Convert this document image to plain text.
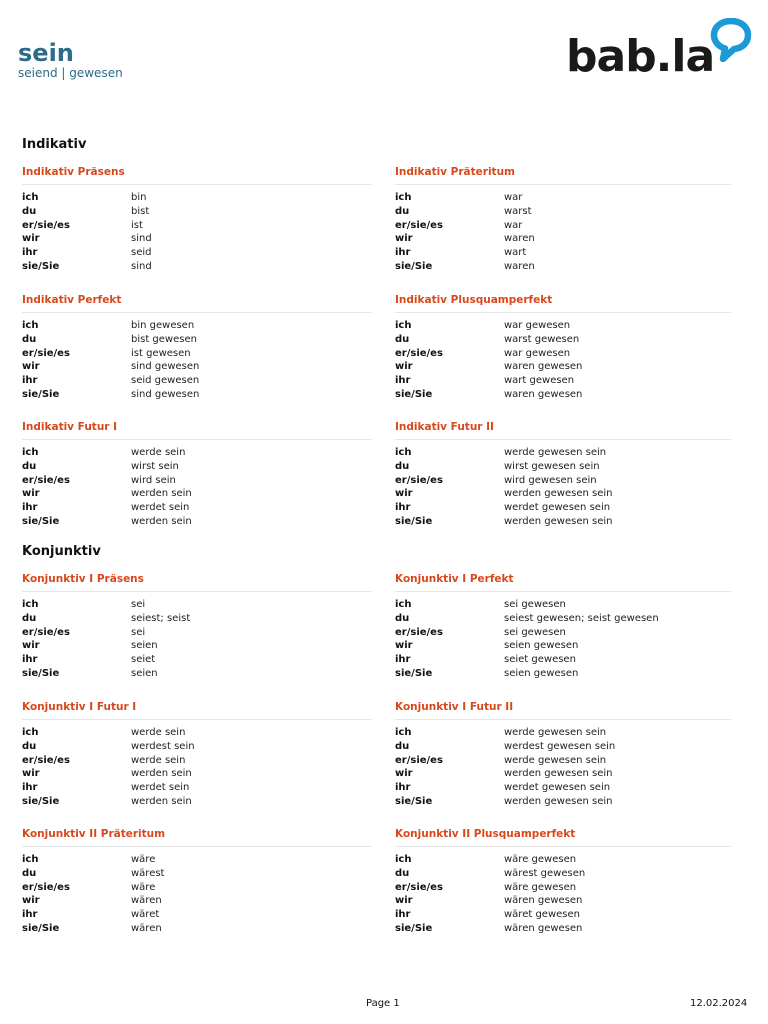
sein
seiend | gewesen	bab.la
Indikativ
Konjunktiv
Indikativ Präsens
ich	bin
du	bist
er/sie/es	ist
wir	sind
ihr	seid
sie/Sie	sind
Indikativ Präteritum
ich	war
du	warst
er/sie/es	war
wir	waren
ihr	wart
sie/Sie	waren
Indikativ Perfekt
ich	bin gewesen
du	bist gewesen
er/sie/es	ist gewesen
wir	sind gewesen
ihr	seid gewesen
sie/Sie	sind gewesen
Indikativ Plusquamperfekt
ich	war gewesen
du	warst gewesen
er/sie/es	war gewesen
wir	waren gewesen
ihr	wart gewesen
sie/Sie	waren gewesen
Indikativ Futur I
ich	werde sein
du	wirst sein
er/sie/es	wird sein
wir	werden sein
ihr	werdet sein
sie/Sie	werden sein
Indikativ Futur II
ich	werde gewesen sein
du	wirst gewesen sein
er/sie/es	wird gewesen sein
wir	werden gewesen sein
ihr	werdet gewesen sein
sie/Sie	werden gewesen sein
Konjunktiv I Präsens
ich	sei
du	seiest; seist
er/sie/es	sei
wir	seien
ihr	seiet
sie/Sie	seien
Konjunktiv I Perfekt
ich	sei gewesen
du	seiest gewesen; seist gewesen
er/sie/es	sei gewesen
wir	seien gewesen
ihr	seiet gewesen
sie/Sie	seien gewesen
Konjunktiv I Futur I
ich	werde sein
du	werdest sein
er/sie/es	werde sein
wir	werden sein
ihr	werdet sein
sie/Sie	werden sein
Konjunktiv I Futur II
ich	werde gewesen sein
du	werdest gewesen sein
er/sie/es	werde gewesen sein
wir	werden gewesen sein
ihr	werdet gewesen sein
sie/Sie	werden gewesen sein
Konjunktiv II Präteritum
ich	wäre
du	wärest
er/sie/es	wäre
wir	wären
ihr	wäret
sie/Sie	wären
Konjunktiv II Plusquamperfekt
ich	wäre gewesen
du	wärest gewesen
er/sie/es	wäre gewesen
wir	wären gewesen
ihr	wäret gewesen
sie/Sie	wären gewesen
Page 1	12.02.2024
